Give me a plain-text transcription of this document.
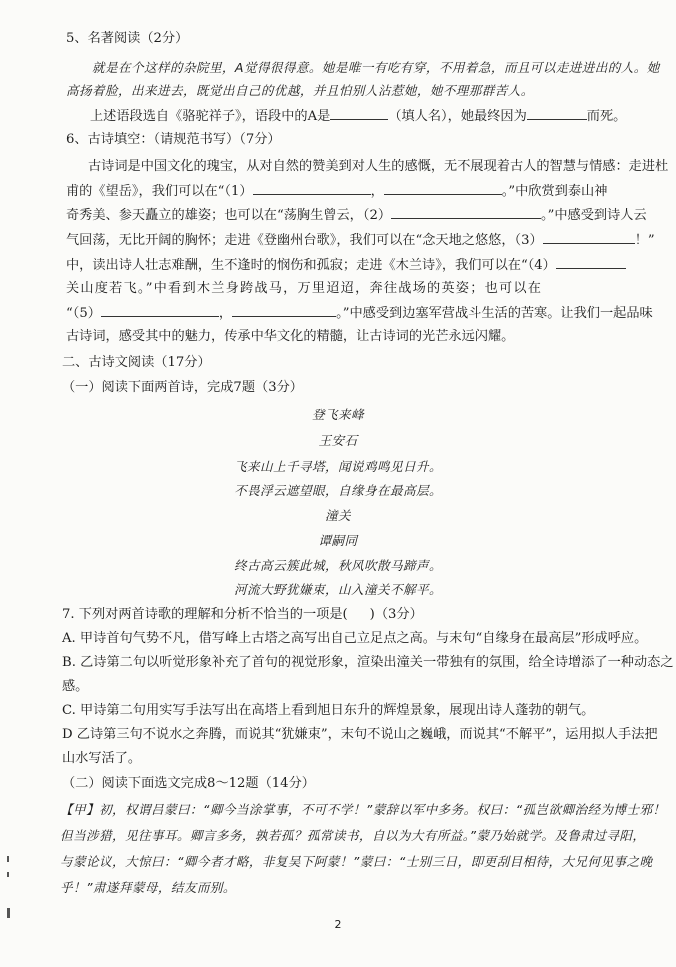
5、名著阅读（2分）
就是在个这样的杂院里，A觉得很得意。她是唯一有吃有穿，不用着急，而且可以走进进出的人。她
高扬着脸，出来进去，既觉出自己的优越，并且怕别人沾惹她，她不理那群苦人。
上述语段选自《骆驼祥子》，语段中的A是	（填人名），她最终因为	而死。
6、古诗填空：（请规范书写）（7分）
古诗词是中国文化的瑰宝，从对自然的赞美到对人生的感慨，无不展现着古人的智慧与情感：走进杜
甫的《望岳》，我们可以在“（1）	，	。”中欣赏到泰山神
奇秀美、参天矗立的雄姿；也可以在“荡胸生曾云，（2）	。”中感受到诗人云
气回荡，无比开阔的胸怀；走进《登幽州台歌》，我们可以在“念天地之悠悠，（3）	！”
中，读出诗人壮志难酬，生不逢时的悯伤和孤寂；走进《木兰诗》，我们可以在“（4）
关山度若飞。”中看到木兰身跨战马，万里迢迢，奔往战场的英姿；也可以在
“（5）	，	。”中感受到边塞军营战斗生活的苦寒。让我们一起品味
古诗词，感受其中的魅力，传承中华文化的精髓，让古诗词的光芒永远闪耀。
二、古诗文阅读（17分）
（一）阅读下面两首诗，完成7题（3分）
登飞来峰
王安石
飞来山上千寻塔，闻说鸡鸣见日升。
不畏浮云遮望眼，自缘身在最高层。
潼关
谭嗣同
终古高云簇此城，秋风吹散马蹄声。
河流大野犹嫌束，山入潼关不解平。
7. 下列对两首诗歌的理解和分析不恰当的一项是( )（3分）
A. 甲诗首句气势不凡，借写峰上古塔之高写出自己立足点之高。与末句“自缘身在最高层”形成呼应。
B. 乙诗第二句以听觉形象补充了首句的视觉形象，渲染出潼关一带独有的氛围，给全诗增添了一种动态之
感。
C. 甲诗第二句用实写手法写出在高塔上看到旭日东升的辉煌景象，展现出诗人蓬勃的朝气。
D 乙诗第三句不说水之奔腾，而说其“犹嫌束”，末句不说山之巍峨，而说其“不解平”，运用拟人手法把
山水写活了。
（二）阅读下面选文完成8～12题（14分）
【甲】初，权谓吕蒙曰：“卿今当涂掌事，不可不学！”蒙辞以军中多务。权曰：“孤岂欲卿治经为博士邪！
但当涉猎，见往事耳。卿言多务，孰若孤？孤常读书，自以为大有所益。”蒙乃始就学。及鲁肃过寻阳，
与蒙论议，大惊曰：“卿今者才略，非复吴下阿蒙！”蒙曰：“士别三日，即更刮目相待，大兄何见事之晚
乎！”肃遂拜蒙母，结友而别。
2
